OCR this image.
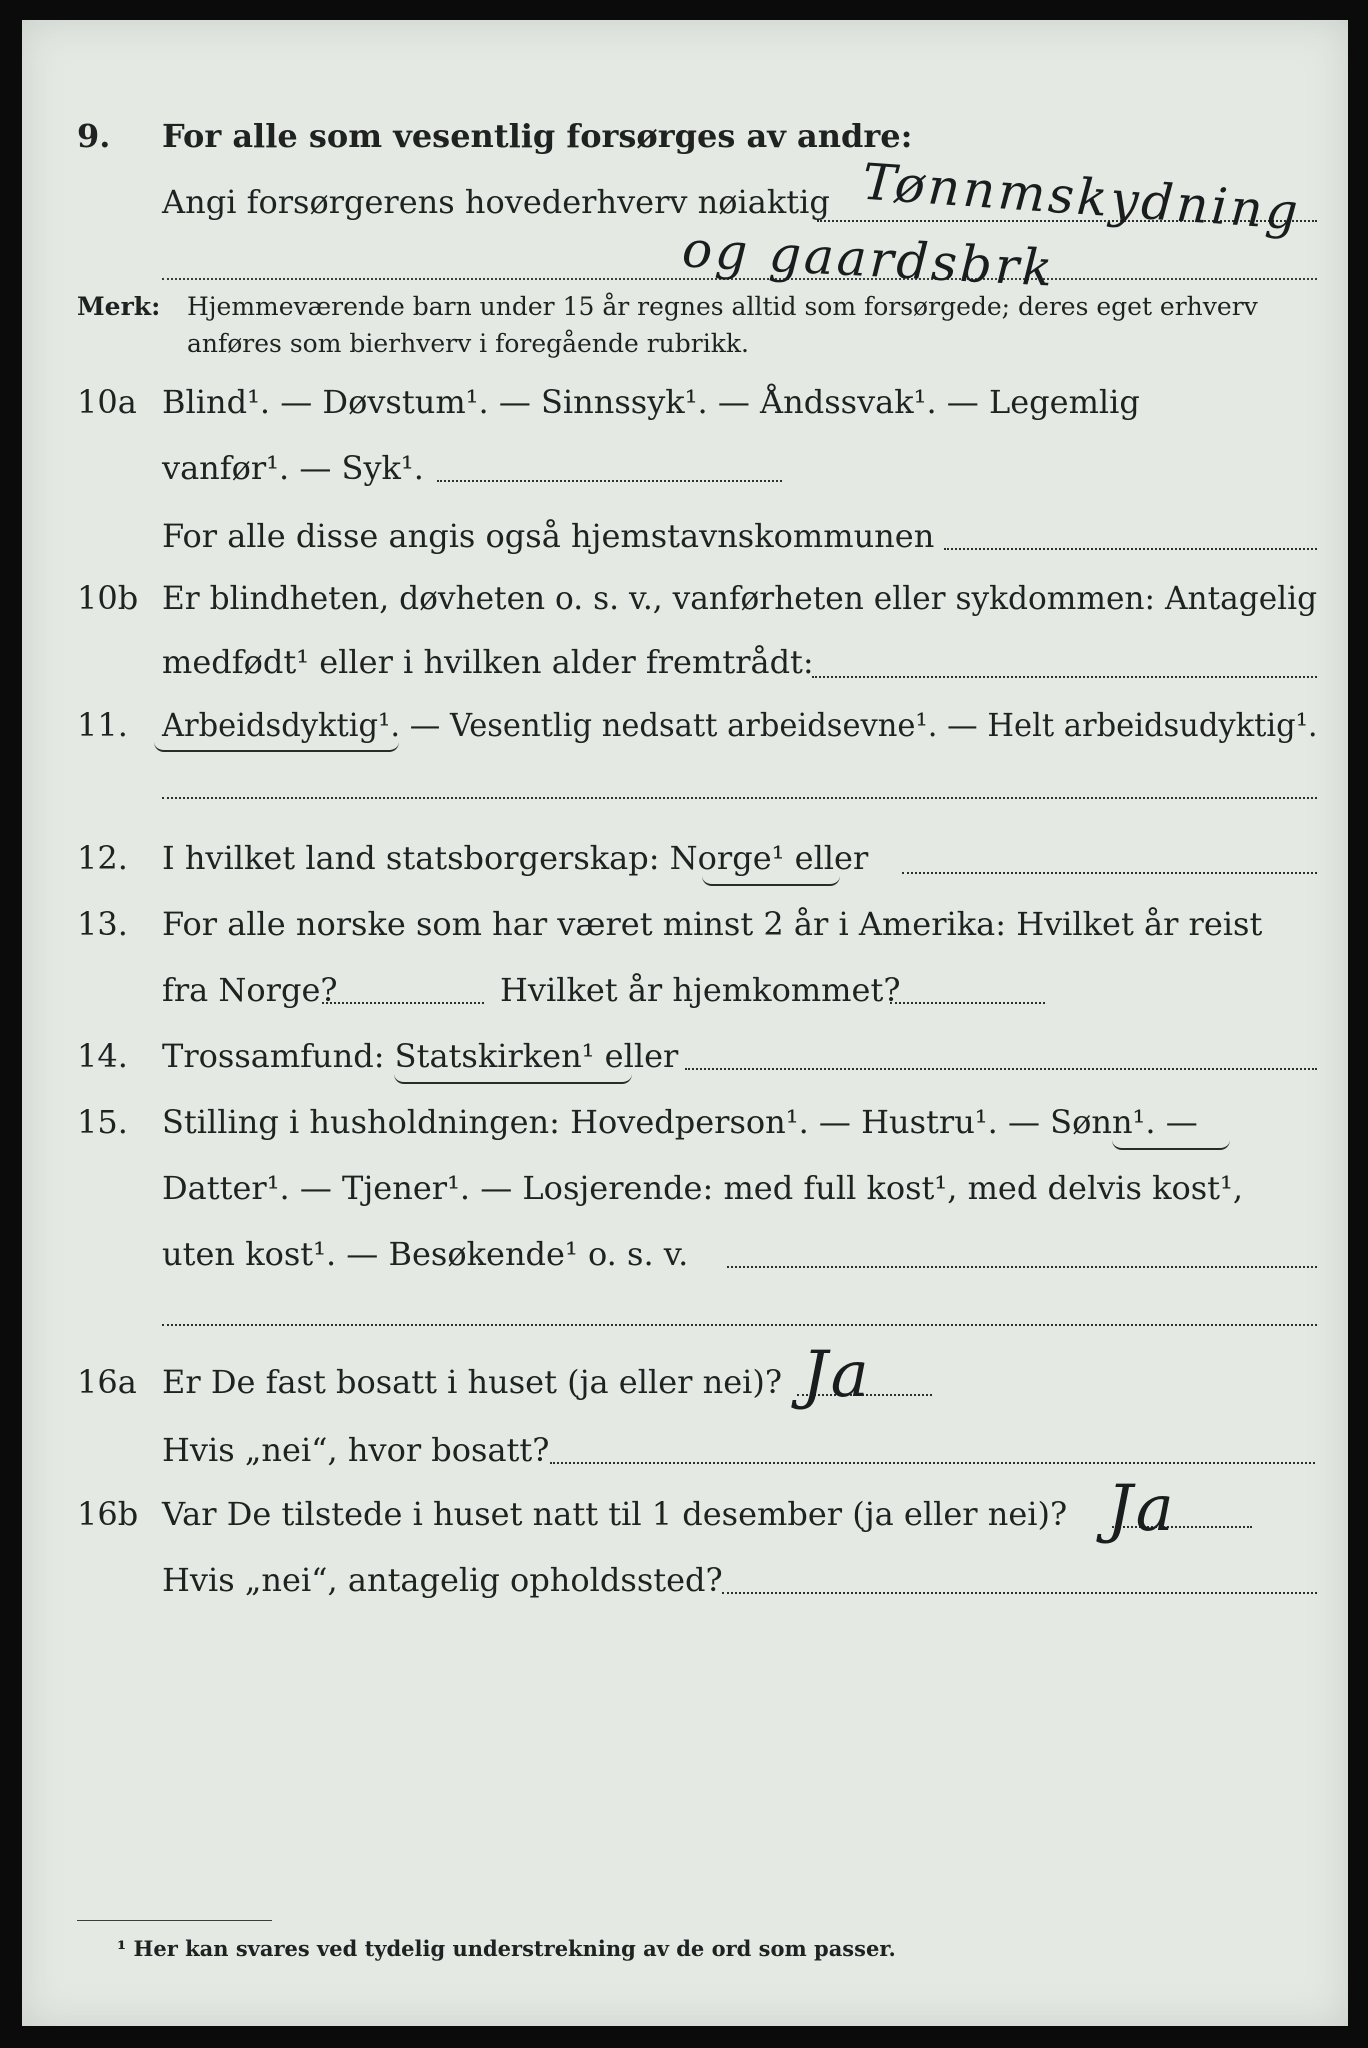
9. For alle som vesentlig forsørges av andre:
Angi forsørgerens hovederhverv nøiaktig Tønnmskydning
og gaardsbrk
Merk: Hjemmeværende barn under 15 år regnes alltid som forsørgede; deres eget erhverv
anføres som bierhverv i foregående rubrikk.
10a Blind¹. — Døvstum¹. — Sinnssyk¹. — Åndssvak¹. — Legemlig
vanfør¹. — Syk¹.
For alle disse angis også hjemstavnskommunen
10b Er blindheten, døvheten o. s. v., vanførheten eller sykdommen: Antagelig
medfødt¹ eller i hvilken alder fremtrådt:
11. Arbeidsdyktig¹. — Vesentlig nedsatt arbeidsevne¹. — Helt arbeidsudyktig¹.
12. I hvilket land statsborgerskap: Norge¹ eller
13. For alle norske som har været minst 2 år i Amerika: Hvilket år reist
fra Norge?	Hvilket år hjemkommet?
14. Trossamfund: Statskirken¹ eller
15. Stilling i husholdningen: Hovedperson¹. — Hustru¹. — Sønn¹. —
Datter¹. — Tjener¹. — Losjerende: med full kost¹, med delvis kost¹,
uten kost¹. — Besøkende¹ o. s. v.
16a Er De fast bosatt i huset (ja eller nei)? Ja
Hvis „nei“, hvor bosatt?
16b Var De tilstede i huset natt til 1 desember (ja eller nei)? Ja
Hvis „nei“, antagelig opholdssted?
¹ Her kan svares ved tydelig understrekning av de ord som passer.
